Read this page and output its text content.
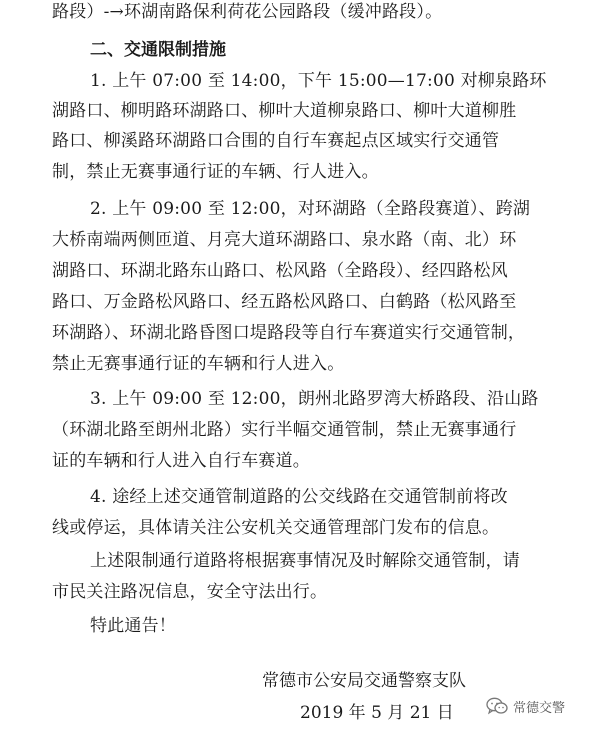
路段）-→环湖南路保利荷花公园路段（缓冲路段）。
二、交通限制措施
1. 上午 07:00 至 14:00，下午 15:00—17:00 对柳泉路环
湖路口、柳明路环湖路口、柳叶大道柳泉路口、柳叶大道柳胜
路口、柳溪路环湖路口合围的自行车赛起点区域实行交通管
制，禁止无赛事通行证的车辆、行人进入。
2. 上午 09:00 至 12:00，对环湖路（全路段赛道）、跨湖
大桥南端两侧匝道、月亮大道环湖路口、泉水路（南、北）环
湖路口、环湖北路东山路口、松风路（全路段）、经四路松风
路口、万金路松风路口、经五路松风路口、白鹤路（松风路至
环湖路）、环湖北路昏图口堤路段等自行车赛道实行交通管制，
禁止无赛事通行证的车辆和行人进入。
3. 上午 09:00 至 12:00，朗州北路罗湾大桥路段、沿山路
（环湖北路至朗州北路）实行半幅交通管制，禁止无赛事通行
证的车辆和行人进入自行车赛道。
4. 途经上述交通管制道路的公交线路在交通管制前将改
线或停运，具体请关注公安机关交通管理部门发布的信息。
上述限制通行道路将根据赛事情况及时解除交通管制，请
市民关注路况信息，安全守法出行。
特此通告！
常德市公安局交通警察支队
2019 年 5 月 21 日	常德交警
